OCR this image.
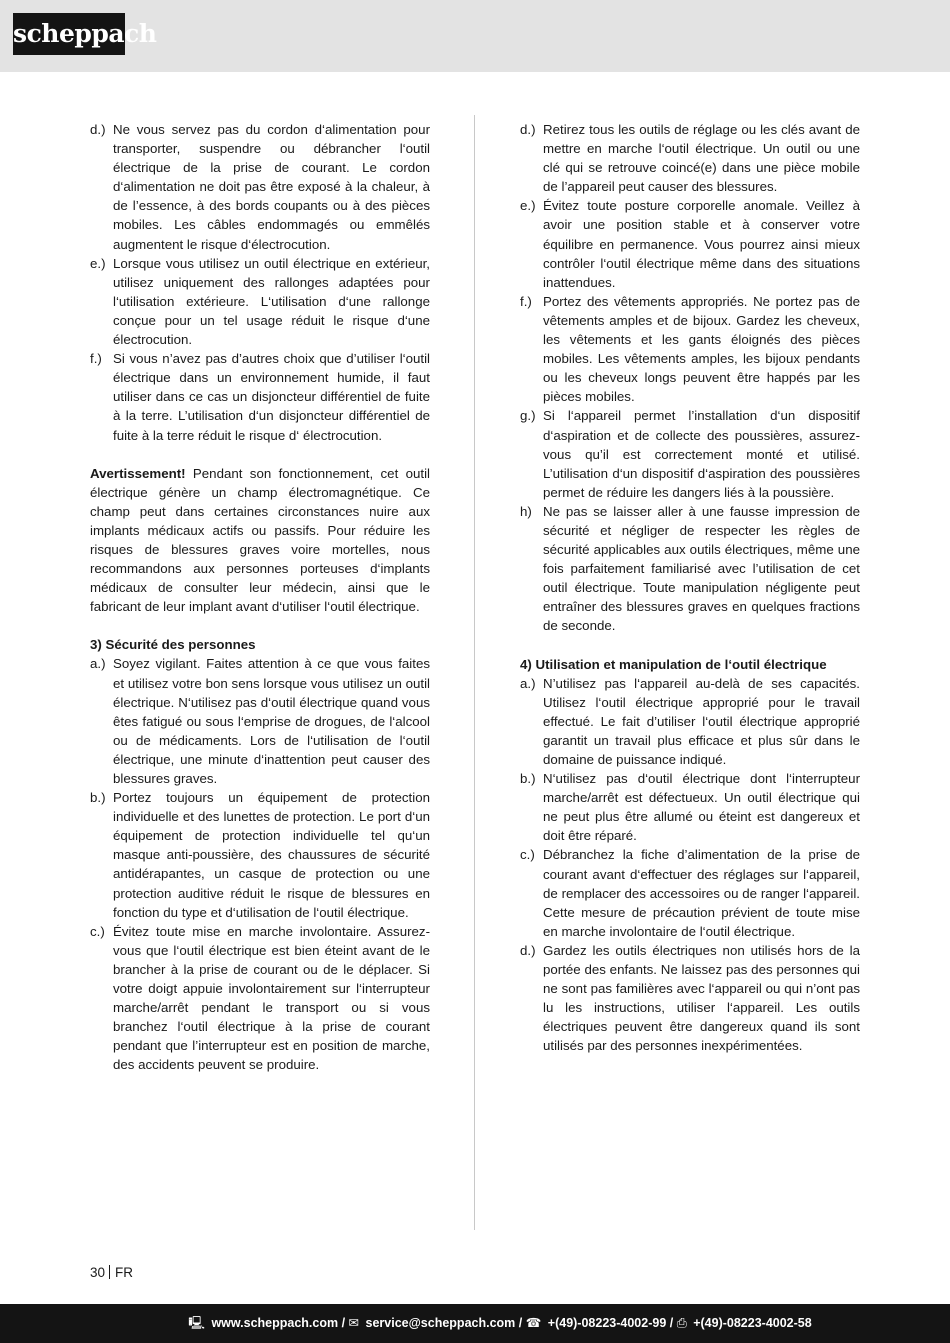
scheppach
d.) Ne vous servez pas du cordon d‘alimentation pour transporter, suspendre ou débrancher l‘outil électrique de la prise de courant. Le cordon d‘alimentation ne doit pas être exposé à la chaleur, à de l’essence, à des bords coupants ou à des pièces mobiles. Les câbles endommagés ou emmêlés augmentent le risque d‘électrocution.
e.) Lorsque vous utilisez un outil électrique en extérieur, utilisez uniquement des rallonges adaptées pour l‘utilisation extérieure. L‘utilisation d‘une rallonge conçue pour un tel usage réduit le risque d‘une électrocution.
f.) Si vous n’avez pas d’autres choix que d’utiliser l‘outil électrique dans un environnement humide, il faut utiliser dans ce cas un disjoncteur différentiel de fuite à la terre. L’utilisation d‘un disjoncteur différentiel de fuite à la terre réduit le risque d‘ électrocution.

Avertissement! Pendant son fonctionnement, cet outil électrique génère un champ électromagnétique. Ce champ peut dans certaines circonstances nuire aux implants médicaux actifs ou passifs. Pour réduire les risques de blessures graves voire mortelles, nous recommandons aux personnes porteuses d‘implants médicaux de consulter leur médecin, ainsi que le fabricant de leur implant avant d‘utiliser l‘outil électrique.

3) Sécurité des personnes
a.) Soyez vigilant. Faites attention à ce que vous faites et utilisez votre bon sens lorsque vous utilisez un outil électrique. N‘utilisez pas d‘outil électrique quand vous êtes fatigué ou sous l‘emprise de drogues, de l‘alcool ou de médicaments. Lors de l‘utilisation de l‘outil électrique, une minute d‘inattention peut causer des blessures graves.
b.) Portez toujours un équipement de protection individuelle et des lunettes de protection. Le port d‘un équipement de protection individuelle tel qu‘un masque anti-poussière, des chaussures de sécurité antidérapantes, un casque de protection ou une protection auditive réduit le risque de blessures en fonction du type et d‘utilisation de l‘outil électrique.
c.) Évitez toute mise en marche involontaire. Assurez-vous que l‘outil électrique est bien éteint avant de le brancher à la prise de courant ou de le déplacer. Si votre doigt appuie involontairement sur l‘interrupteur marche/arrêt pendant le transport ou si vous branchez l‘outil électrique à la prise de courant pendant que l’interrupteur est en position de marche, des accidents peuvent se produire.
d.) Retirez tous les outils de réglage ou les clés avant de mettre en marche l‘outil électrique. Un outil ou une clé qui se retrouve coincé(e) dans une pièce mobile de l’appareil peut causer des blessures.
e.) Évitez toute posture corporelle anomale. Veillez à avoir une position stable et à conserver votre équilibre en permanence. Vous pourrez ainsi mieux contrôler l‘outil électrique même dans des situations inattendues.
f.) Portez des vêtements appropriés. Ne portez pas de vêtements amples et de bijoux. Gardez les cheveux, les vêtements et les gants éloignés des pièces mobiles. Les vêtements amples, les bijoux pendants ou les cheveux longs peuvent être happés par les pièces mobiles.
g.) Si l‘appareil permet l’installation d‘un dispositif d‘aspiration et de collecte des poussières, assurez-vous qu’il est correctement monté et utilisé. L’utilisation d‘un dispositif d‘aspiration des poussières permet de réduire les dangers liés à la poussière.
h) Ne pas se laisser aller à une fausse impression de sécurité et négliger de respecter les règles de sécurité applicables aux outils électriques, même une fois parfaitement familiarisé avec l’utilisation de cet outil électrique. Toute manipulation négligente peut entraîner des blessures graves en quelques fractions de seconde.
4) Utilisation et manipulation de l‘outil électrique
a.) N’utilisez pas l‘appareil au-delà de ses capacités. Utilisez l‘outil électrique approprié pour le travail effectué. Le fait d’utiliser l‘outil électrique approprié garantit un travail plus efficace et plus sûr dans le domaine de puissance indiqué.
b.) N‘utilisez pas d‘outil électrique dont l‘interrupteur marche/arrêt est défectueux. Un outil électrique qui ne peut plus être allumé ou éteint est dangereux et doit être réparé.
c.) Débranchez la fiche d’alimentation de la prise de courant avant d‘effectuer des réglages sur l‘appareil, de remplacer des accessoires ou de ranger l‘appareil. Cette mesure de précaution prévient de toute mise en marche involontaire de l‘outil électrique.
d.) Gardez les outils électriques non utilisés hors de la portée des enfants. Ne laissez pas des personnes qui ne sont pas familières avec l‘appareil ou qui n’ont pas lu les instructions, utiliser l‘appareil. Les outils électriques peuvent être dangereux quand ils sont utilisés par des personnes inexpérimentées.
30 FR
🖳 www.scheppach.com / ✉ service@scheppach.com / ☎ +(49)-08223-4002-99 / ⎙ +(49)-08223-4002-58
